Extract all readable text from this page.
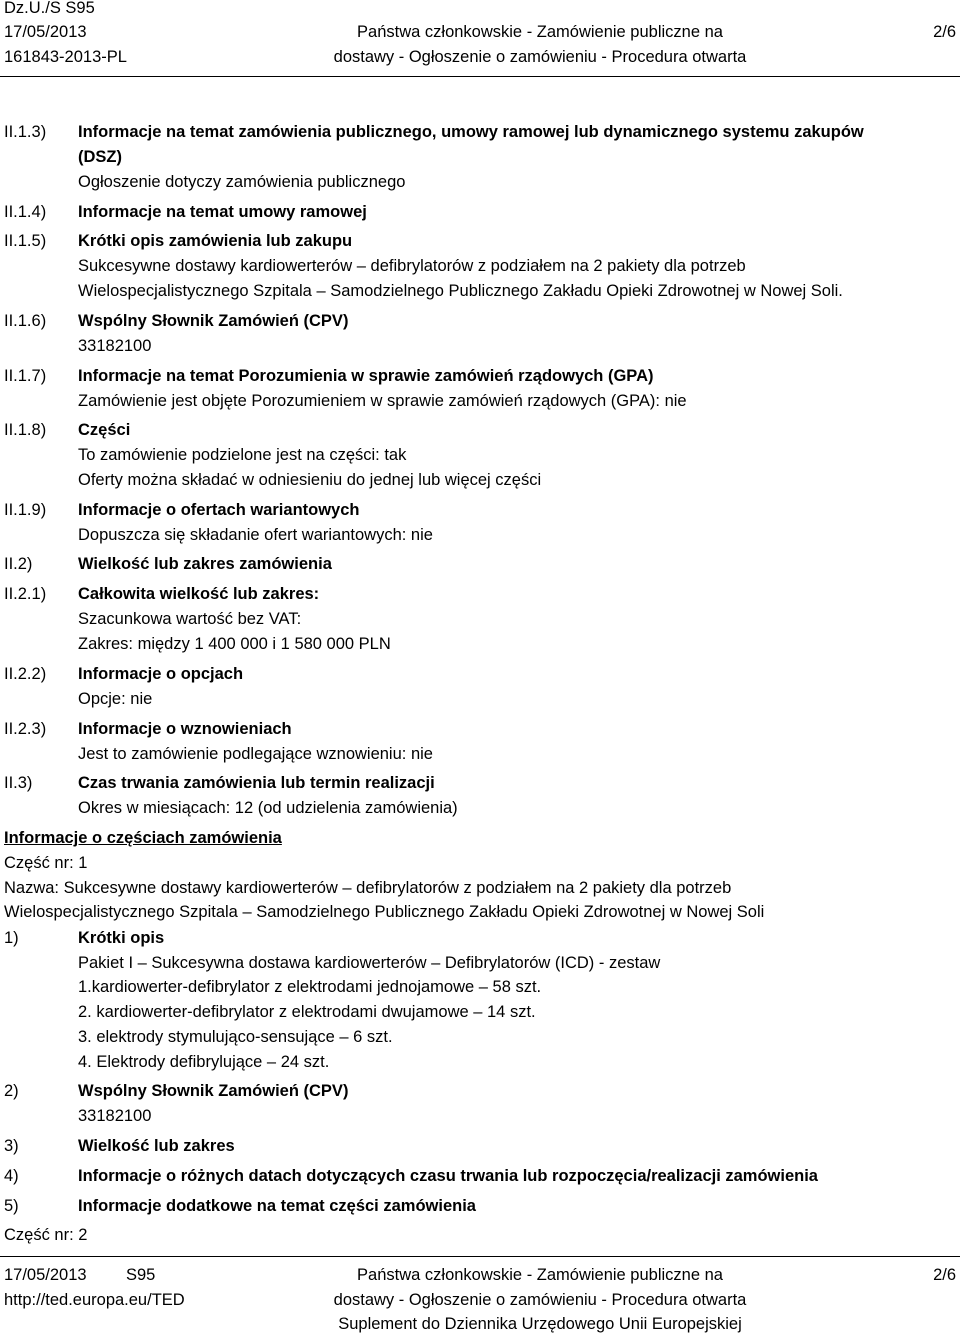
Dz.U./S S95
17/05/2013
161843-2013-PL
Państwa członkowskie - Zamówienie publiczne na
dostawy - Ogłoszenie o zamówieniu - Procedura otwarta
2/6
II.1.3) Informacje na temat zamówienia publicznego, umowy ramowej lub dynamicznego systemu zakupów
(DSZ)
Ogłoszenie dotyczy zamówienia publicznego
II.1.4) Informacje na temat umowy ramowej
II.1.5) Krótki opis zamówienia lub zakupu
Sukcesywne dostawy kardiowerterów – defibrylatorów z podziałem na 2 pakiety dla potrzeb
Wielospecjalistycznego Szpitala – Samodzielnego Publicznego Zakładu Opieki Zdrowotnej w Nowej Soli.
II.1.6) Wspólny Słownik Zamówień (CPV)
33182100
II.1.7) Informacje na temat Porozumienia w sprawie zamówień rządowych (GPA)
Zamówienie jest objęte Porozumieniem w sprawie zamówień rządowych (GPA): nie
II.1.8) Części
To zamówienie podzielone jest na części: tak
Oferty można składać w odniesieniu do jednej lub więcej części
II.1.9) Informacje o ofertach wariantowych
Dopuszcza się składanie ofert wariantowych: nie
II.2)	Wielkość lub zakres zamówienia
II.2.1) Całkowita wielkość lub zakres:
Szacunkowa wartość bez VAT:
Zakres: między 1 400 000 i 1 580 000 PLN
II.2.2) Informacje o opcjach
Opcje: nie
II.2.3) Informacje o wznowieniach
Jest to zamówienie podlegające wznowieniu: nie
II.3)	Czas trwania zamówienia lub termin realizacji
Okres w miesiącach: 12 (od udzielenia zamówienia)
Informacje o częściach zamówienia
Część nr: 1
Nazwa: Sukcesywne dostawy kardiowerterów – defibrylatorów z podziałem na 2 pakiety dla potrzeb
Wielospecjalistycznego Szpitala – Samodzielnego Publicznego Zakładu Opieki Zdrowotnej w Nowej Soli
1)	Krótki opis
Pakiet I – Sukcesywna dostawa kardiowerterów – Defibrylatorów (ICD) - zestaw
1.kardiowerter-defibrylator z elektrodami jednojamowe – 58 szt.
2. kardiowerter-defibrylator z elektrodami dwujamowe – 14 szt.
3. elektrody stymulująco-sensujące – 6 szt.
4. Elektrody defibrylujące – 24 szt.
2)	Wspólny Słownik Zamówień (CPV)
33182100
3)	Wielkość lub zakres
4)	Informacje o różnych datach dotyczących czasu trwania lub rozpoczęcia/realizacji zamówienia
5)	Informacje dodatkowe na temat części zamówienia
Część nr: 2
17/05/2013 S95
http://ted.europa.eu/TED
Państwa członkowskie - Zamówienie publiczne na
dostawy - Ogłoszenie o zamówieniu - Procedura otwarta
Suplement do Dziennika Urzędowego Unii Europejskiej
2/6
